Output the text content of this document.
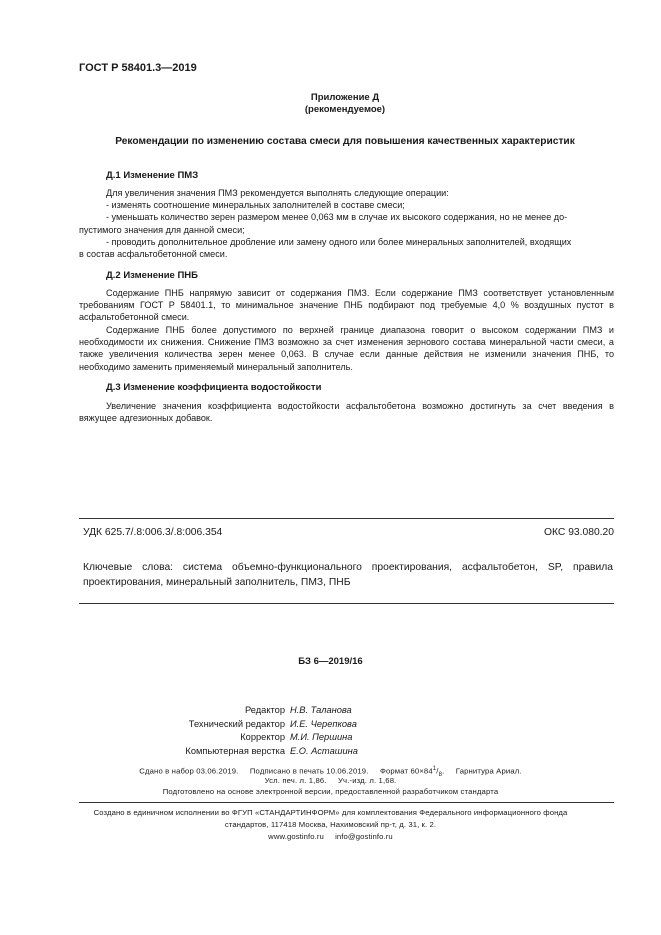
ГОСТ Р 58401.3—2019
Приложение Д
(рекомендуемое)
Рекомендации по изменению состава смеси для повышения качественных характеристик
Д.1 Изменение ПМЗ
Для увеличения значения ПМЗ рекомендуется выполнять следующие операции:
- изменять соотношение минеральных заполнителей в составе смеси;
- уменьшать количество зерен размером менее 0,063 мм в случае их высокого содержания, но не менее до-
пустимого значения для данной смеси;
- проводить дополнительное дробление или замену одного или более минеральных заполнителей, входящих
в состав асфальтобетонной смеси.
Д.2 Изменение ПНБ
Содержание ПНБ напрямую зависит от содержания ПМЗ. Если содержание ПМЗ соответствует установленным требованиям ГОСТ Р 58401.1, то минимальное значение ПНБ подбирают под требуемые 4,0 % воздушных пустот в асфальтобетонной смеси.
Содержание ПНБ более допустимого по верхней границе диапазона говорит о высоком содержании ПМЗ и необходимости их снижения. Снижение ПМЗ возможно за счет изменения зернового состава минеральной части смеси, а также увеличения количества зерен менее 0,063. В случае если данные действия не изменили значения ПНБ, то необходимо заменить применяемый минеральный заполнитель.
Д.3 Изменение коэффициента водостойкости
Увеличение значения коэффициента водостойкости асфальтобетона возможно достигнуть за счет введения в вяжущее адгезионных добавок.
УДК 625.7/.8:006.3/.8:006.354	ОКС 93.080.20
Ключевые слова: система объемно-функционального проектирования, асфальтобетон, SP, правила проектирования, минеральный заполнитель, ПМЗ, ПНБ
БЗ 6—2019/16
Редактор Н.В. Таланова
Технический редактор И.Е. Черепкова
Корректор М.И. Першина
Компьютерная верстка Е.О. Асташина
Сдано в набор 03.06.2019.     Подписано в печать 10.06.2019.     Формат $60\times 84^1/_8$.     Гарнитура Ариал.
Усл. печ. л. 1,86.     Уч.-изд. л. 1,68.
Подготовлено на основе электронной версии, предоставленной разработчиком стандарта
Создано в единичном исполнении во ФГУП «СТАНДАРТИНФОРМ» для комплектования Федерального информационного фонда
стандартов, 117418 Москва, Нахимовский пр-т, д. 31, к. 2.
www.gostinfo.ru     info@gostinfo.ru
